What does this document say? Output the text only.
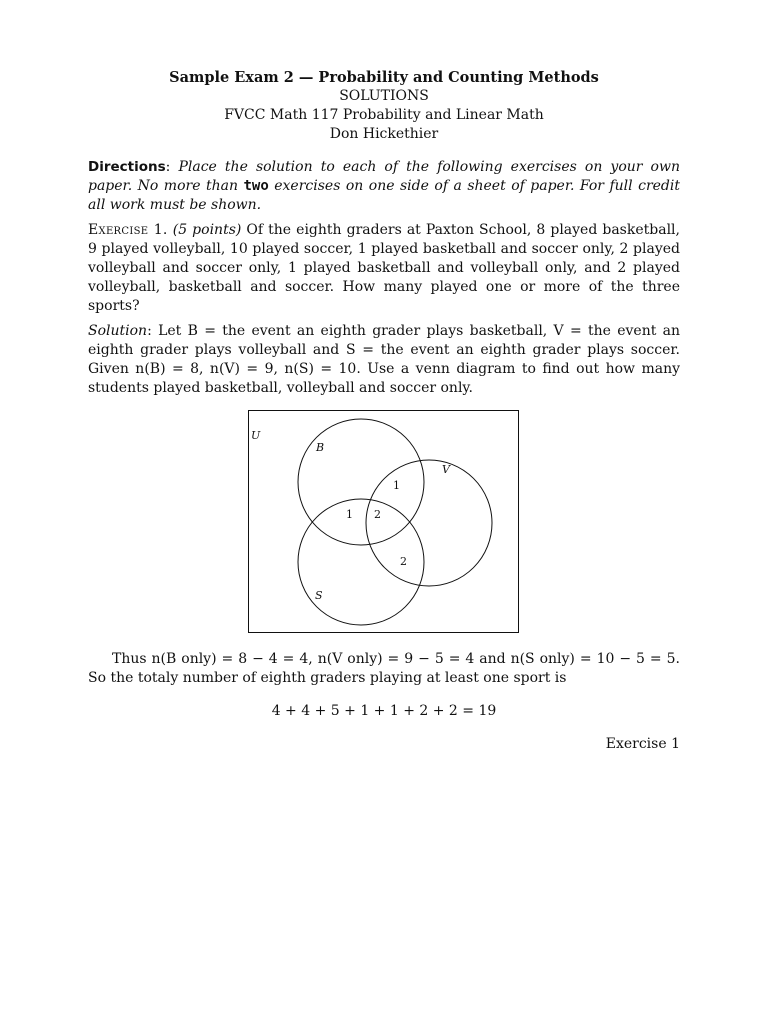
Sample Exam 2 — Probability and Counting Methods
SOLUTIONS
FVCC Math 117 Probability and Linear Math
Don Hickethier

Directions: Place the solution to each of the following exercises on your own paper. No more than two exercises on one side of a sheet of paper. For full credit all work must be shown.

Exercise 1. (5 points) Of the eighth graders at Paxton School, 8 played basketball, 9 played volleyball, 10 played soccer, 1 played basketball and soccer only, 2 played volleyball and soccer only, 1 played basketball and volleyball only, and 2 played volleyball, basketball and soccer. How many played one or more of the three sports?

Solution: Let B = the event an eighth grader plays basketball, V = the event an eighth grader plays volleyball and S = the event an eighth grader plays soccer. Given n(B) = 8, n(V) = 9, n(S) = 10. Use a venn diagram to find out how many students played basketball, volleyball and soccer only.

U
B
V
S
1
1 2
2

Thus n(B only) = 8 − 4 = 4, n(V only) = 9 − 5 = 4 and n(S only) = 10 − 5 = 5. So the totaly number of eighth graders playing at least one sport is

4 + 4 + 5 + 1 + 1 + 2 + 2 = 19
Exercise 1
